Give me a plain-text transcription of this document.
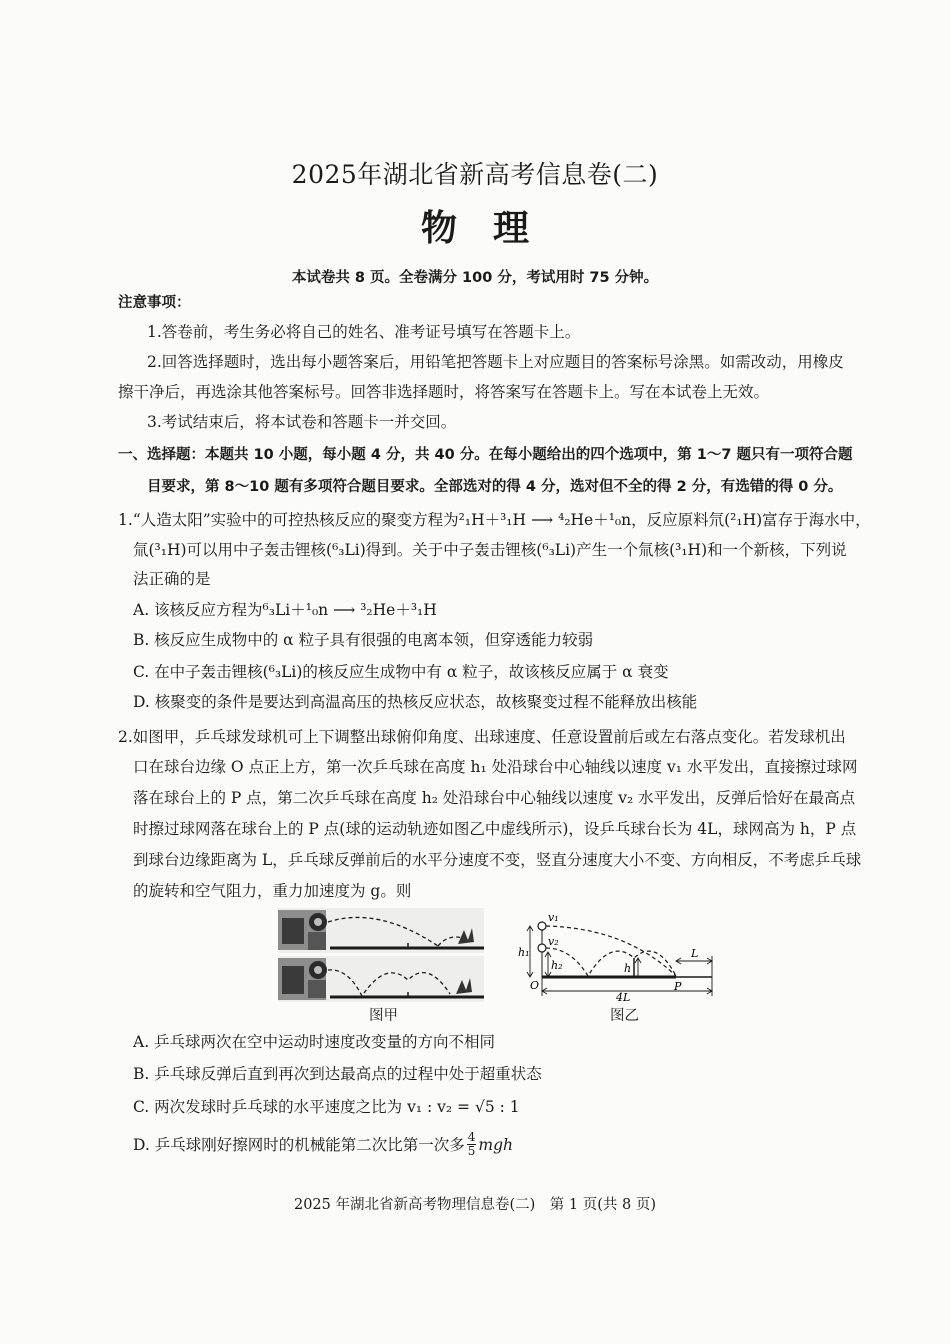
2025年湖北省新高考信息卷(二)
物理
本试卷共 8 页。全卷满分 100 分，考试用时 75 分钟。
注意事项：
1.答卷前，考生务必将自己的姓名、准考证号填写在答题卡上。
2.回答选择题时，选出每小题答案后，用铅笔把答题卡上对应题目的答案标号涂黑。如需改动，用橡皮
擦干净后，再选涂其他答案标号。回答非选择题时，将答案写在答题卡上。写在本试卷上无效。
3.考试结束后，将本试卷和答题卡一并交回。
一、选择题：本题共 10 小题，每小题 4 分，共 40 分。在每小题给出的四个选项中，第 1～7 题只有一项符合题
目要求，第 8～10 题有多项符合题目要求。全部选对的得 4 分，选对但不全的得 2 分，有选错的得 0 分。
1.“人造太阳”实验中的可控热核反应的聚变方程为²₁H＋³₁H ⟶ ⁴₂He＋¹₀n，反应原料氘(²₁H)富存于海水中，
氚(³₁H)可以用中子轰击锂核(⁶₃Li)得到。关于中子轰击锂核(⁶₃Li)产生一个氚核(³₁H)和一个新核，下列说
法正确的是
A. 该核反应方程为⁶₃Li＋¹₀n ⟶ ³₂He＋³₁H
B. 核反应生成物中的 α 粒子具有很强的电离本领，但穿透能力较弱
C. 在中子轰击锂核(⁶₃Li)的核反应生成物中有 α 粒子，故该核反应属于 α 衰变
D. 核聚变的条件是要达到高温高压的热核反应状态，故核聚变过程不能释放出核能
2.如图甲，乒乓球发球机可上下调整出球俯仰角度、出球速度、任意设置前后或左右落点变化。若发球机出
口在球台边缘 O 点正上方，第一次乒乓球在高度 h₁ 处沿球台中心轴线以速度 v₁ 水平发出，直接擦过球网
落在球台上的 P 点，第二次乒乓球在高度 h₂ 处沿球台中心轴线以速度 v₂ 水平发出，反弹后恰好在最高点
时擦过球网落在球台上的 P 点(球的运动轨迹如图乙中虚线所示)，设乒乓球台长为 4L，球网高为 h，P 点
到球台边缘距离为 L，乒乓球反弹前后的水平分速度不变，竖直分速度大小不变、方向相反，不考虑乒乓球
的旋转和空气阻力，重力加速度为 g。则
图甲
v₁
v₂
h₁
h₂	h
O	P
L
4L
图乙
A. 乒乓球两次在空中运动时速度改变量的方向不相同
B. 乒乓球反弹后直到再次到达最高点的过程中处于超重状态
C. 两次发球时乒乓球的水平速度之比为 v₁ : v₂ = √5 : 1
D. 乒乓球刚好擦网时的机械能第二次比第一次多 $\frac{4}{5}$ mgh
2025 年湖北省新高考物理信息卷(二)　第 1 页(共 8 页)
